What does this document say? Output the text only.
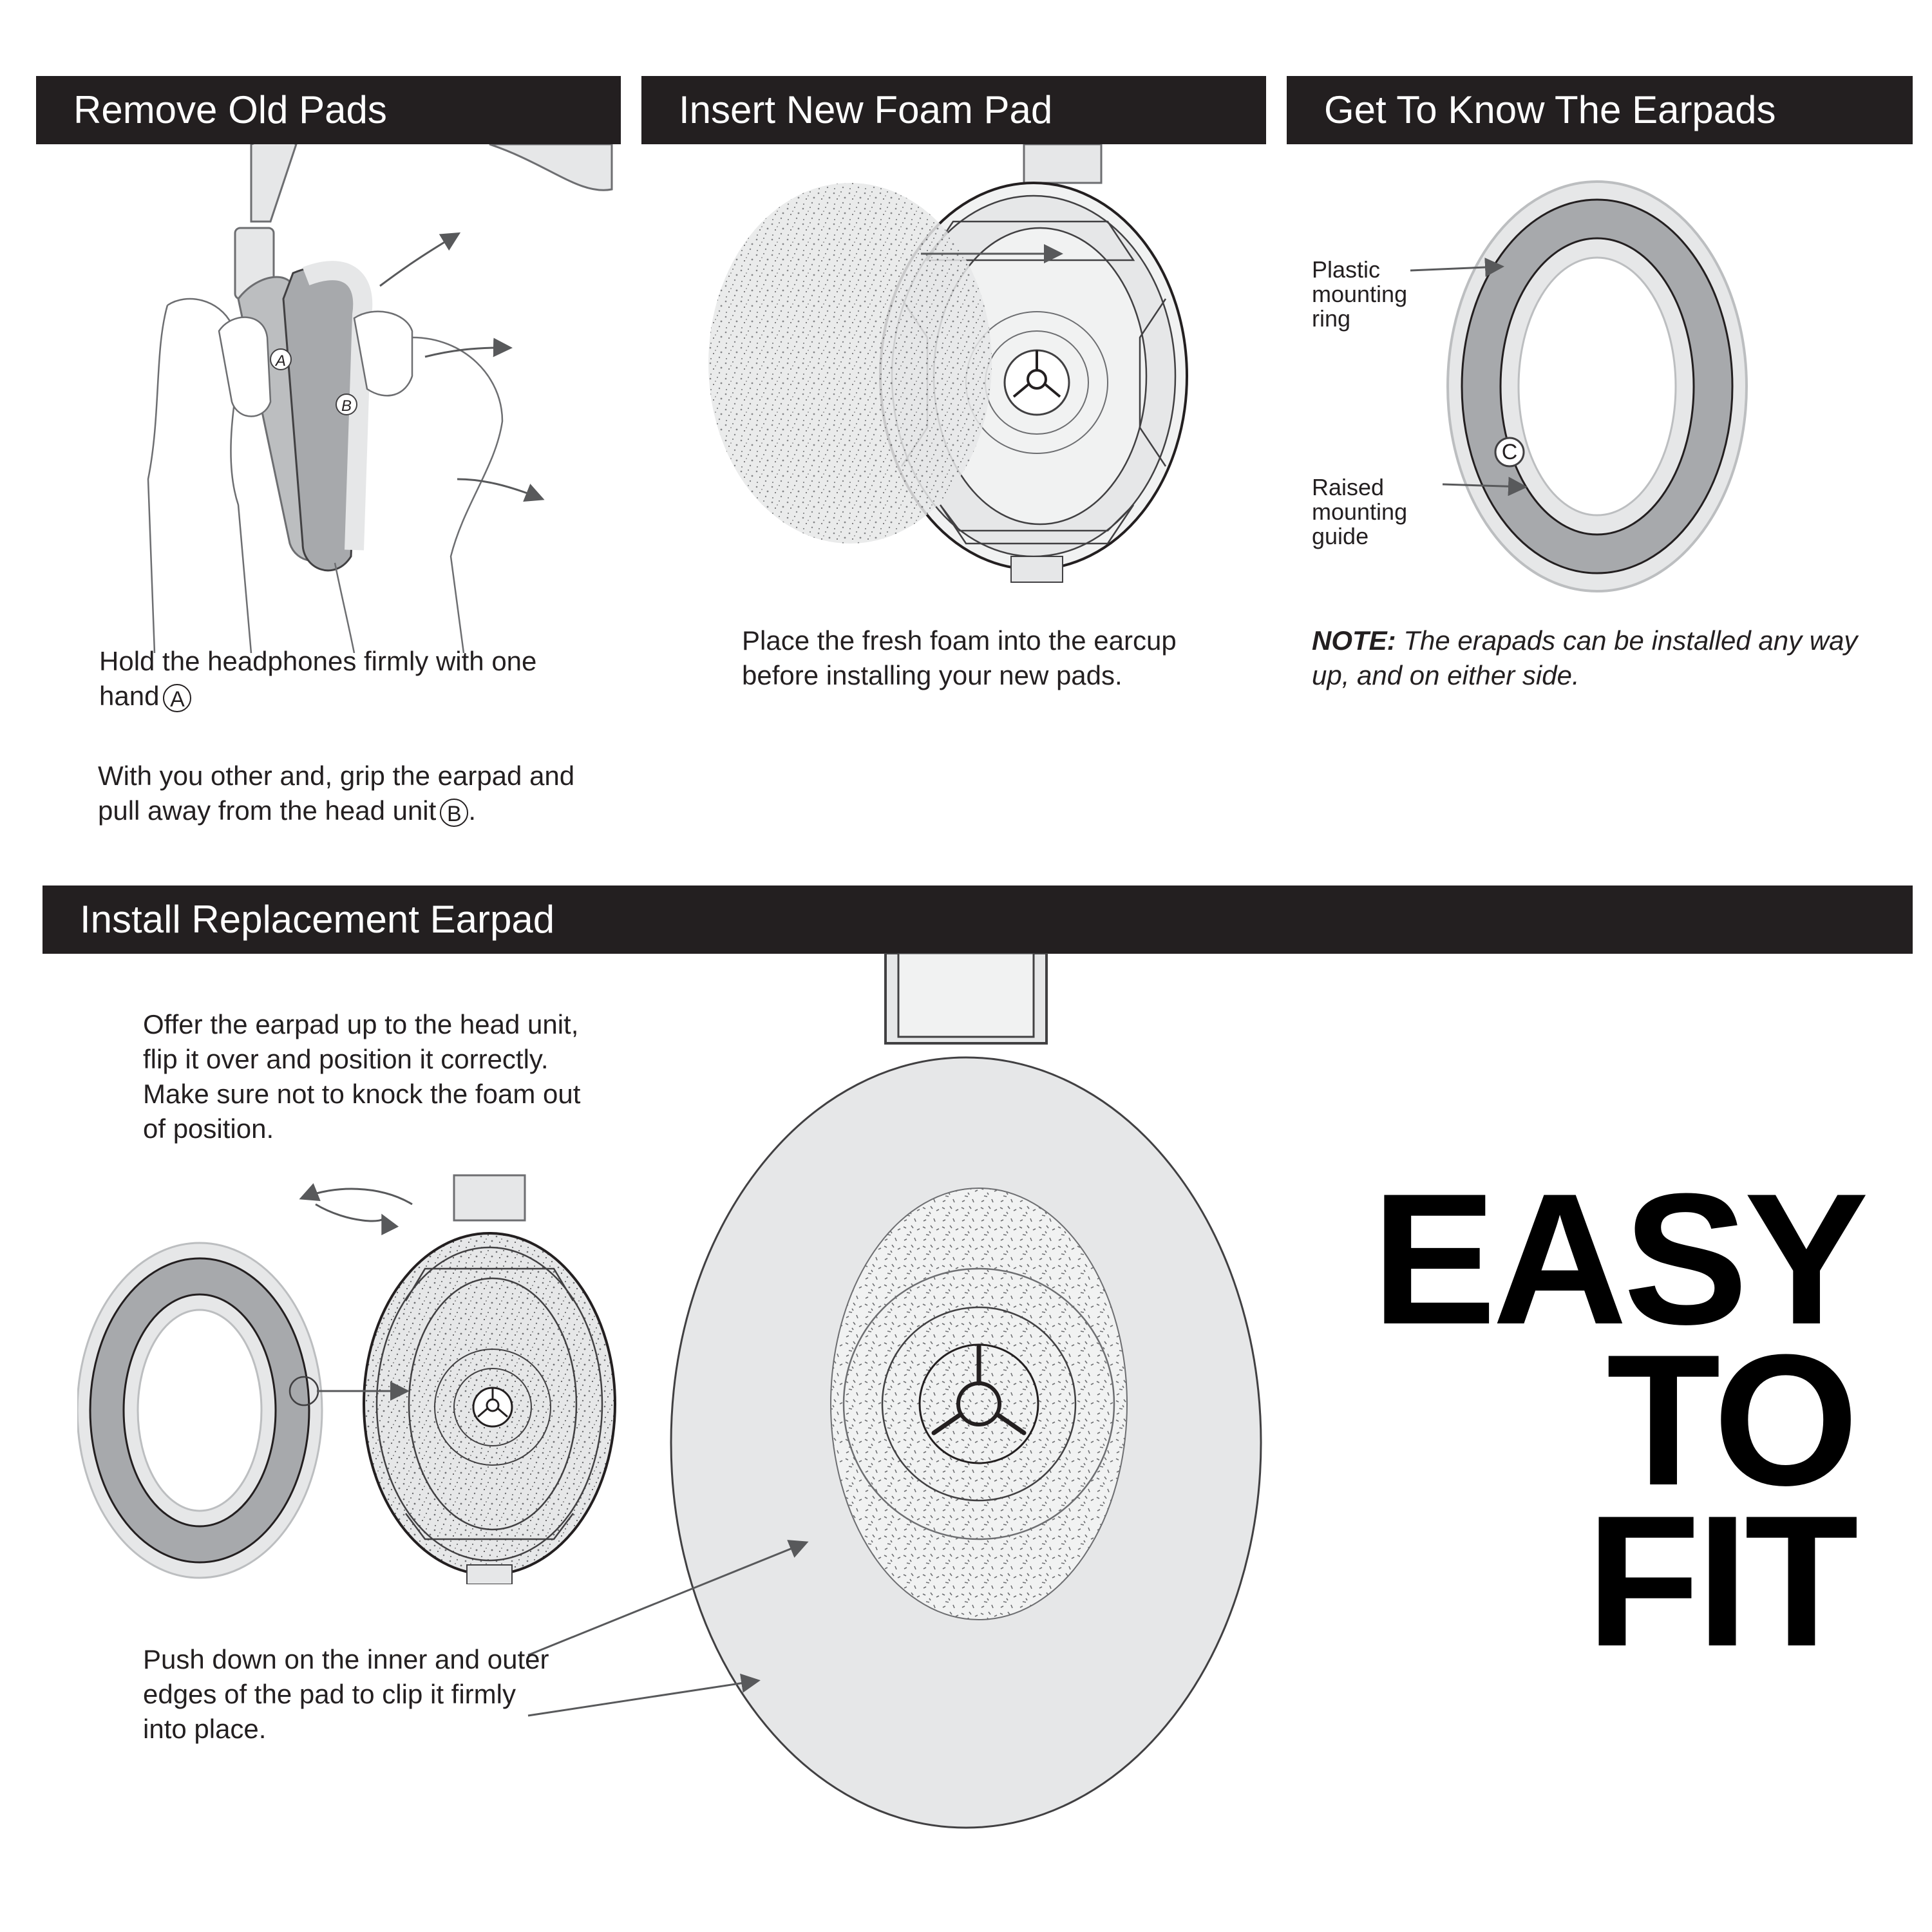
Remove Old Pads	Insert New Foam Pad	Get To Know The Earpads
Install Replacement Earpad
A
B

Hold the headphones firmly with one hand A

With you other and, grip the earpad and pull away from the head unit B .

Place the fresh foam into the earcup before installing your new pads.

C

Plastic mounting ring

Raised mounting guide

NOTE: The erapads can be installed any way up, and on either side.

Offer the earpad up to the head unit, flip it over and position it correctly. Make sure not to knock the foam out of position.

Push down on the inner and outer edges of the pad to clip it firmly into place.

EASY
TO
FIT
